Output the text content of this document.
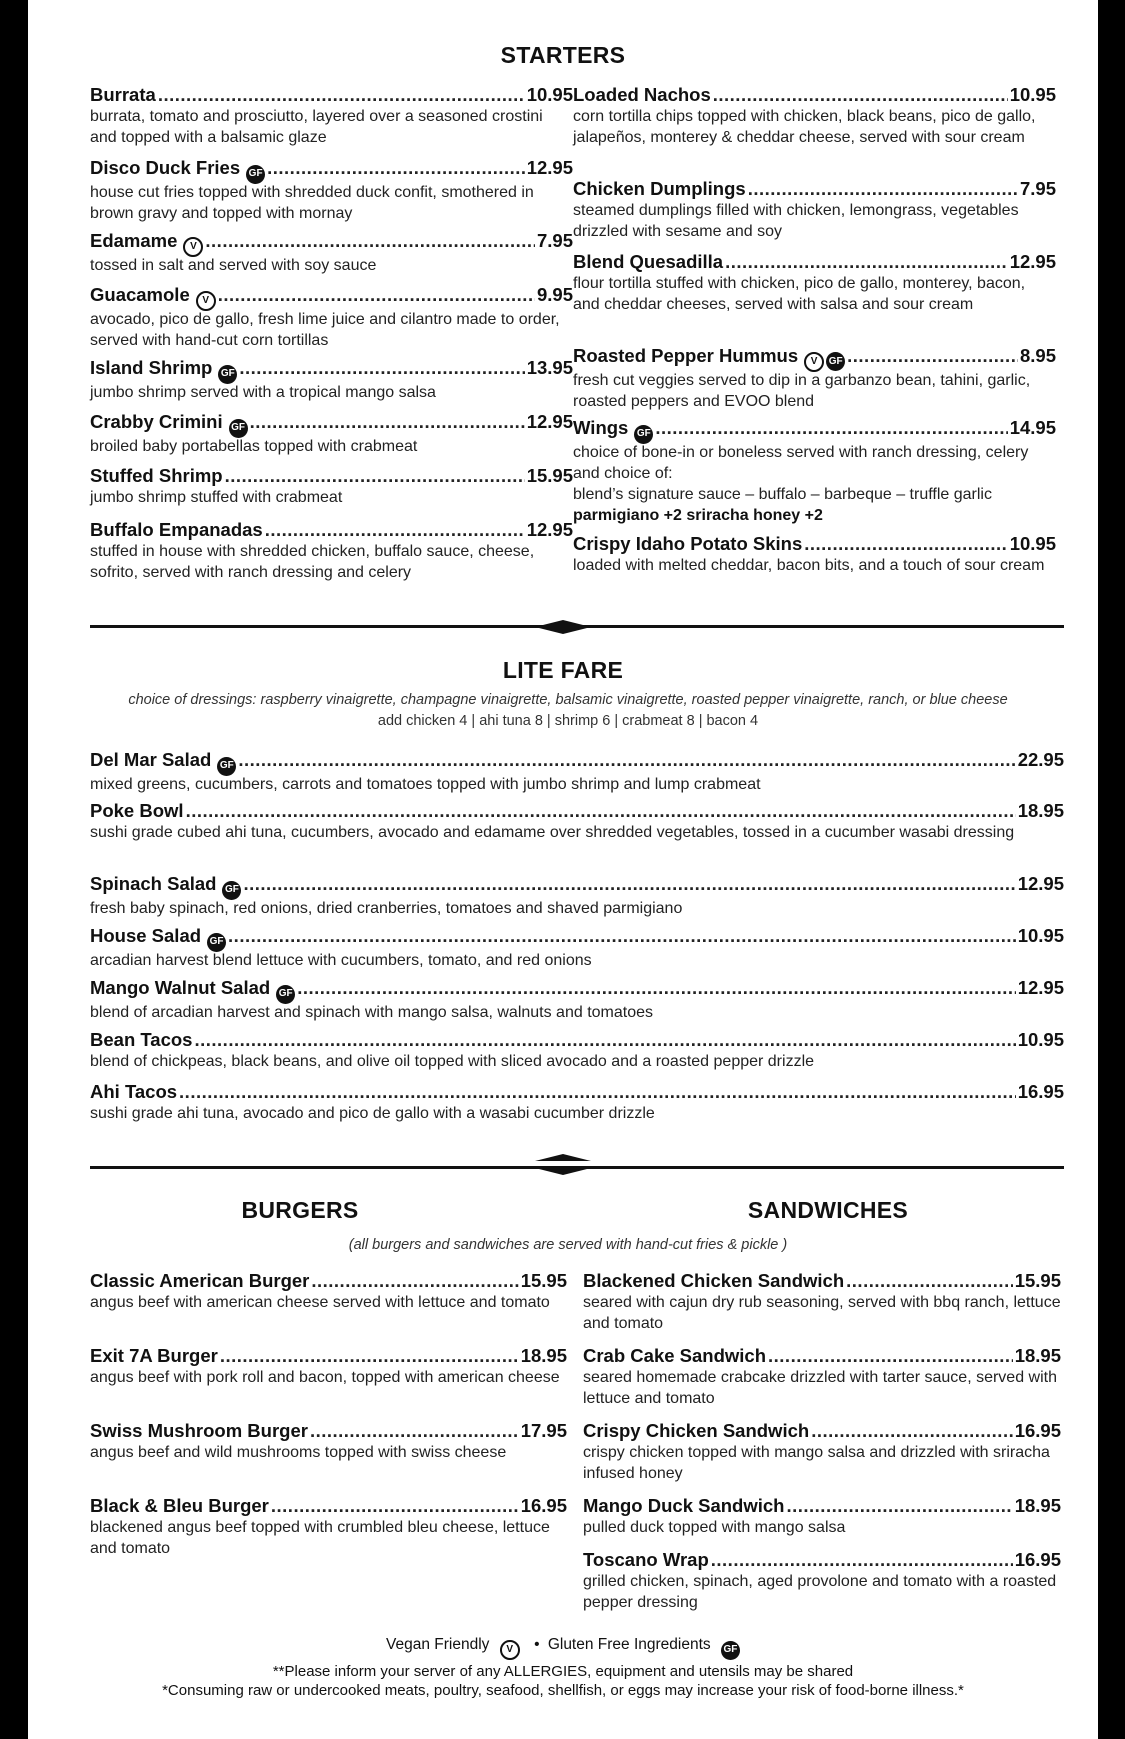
STARTERS
Burrata .....	10.95
burrata, tomato and prosciutto, layered over a seasoned crostini and topped with a balsamic glaze
Disco Duck Fries GF .....	12.95
house cut fries topped with shredded duck confit, smothered in brown gravy and topped with mornay
Edamame	V .....	7.95
tossed in salt and served with soy sauce
Guacamole	V .....	9.95
avocado, pico de gallo, fresh lime juice and cilantro made to order, served with hand-cut corn tortillas
Island Shrimp GF .....	13.95
jumbo shrimp served with a tropical mango salsa
Crabby Crimini GF .....	12.95
broiled baby portabellas topped with crabmeat
Stuffed Shrimp .....	15.95
jumbo shrimp stuffed with crabmeat
Buffalo Empanadas .....	12.95
stuffed in house with shredded chicken, buffalo sauce, cheese, sofrito, served with ranch dressing and celery
Loaded Nachos .....	10.95
corn tortilla chips topped with chicken, black beans, pico de gallo, jalapeños, monterey & cheddar cheese, served with sour cream
Chicken Dumplings .....	7.95
steamed dumplings filled with chicken, lemongrass, vegetables drizzled with sesame and soy
Blend Quesadilla .....	12.95
flour tortilla stuffed with chicken, pico de gallo, monterey, bacon, and cheddar cheeses, served with salsa and sour cream
Roasted Pepper Hummus	V	GF .....	8.95
fresh cut veggies served to dip in a garbanzo bean, tahini, garlic, roasted peppers and EVOO blend
Wings GF .....	14.95
choice of bone-in or boneless served with ranch dressing, celery and choice of:
blend’s signature sauce – buffalo – barbeque – truffle garlic
parmigiano +2 sriracha honey +2
Crispy Idaho Potato Skins .....	10.95
loaded with melted cheddar, bacon bits, and a touch of sour cream
LITE FARE
choice of dressings: raspberry vinaigrette, champagne vinaigrette, balsamic vinaigrette, roasted pepper vinaigrette, ranch, or blue cheese
add chicken 4 | ahi tuna 8 | shrimp 6 | crabmeat 8 | bacon 4
Del Mar Salad GF .....	22.95
mixed greens, cucumbers, carrots and tomatoes topped with jumbo shrimp and lump crabmeat
Poke Bowl .....	18.95
sushi grade cubed ahi tuna, cucumbers, avocado and edamame over shredded vegetables, tossed in a cucumber wasabi dressing
Spinach Salad GF .....	12.95
fresh baby spinach, red onions, dried cranberries, tomatoes and shaved parmigiano
House Salad GF .....	10.95
arcadian harvest blend lettuce with cucumbers, tomato, and red onions
Mango Walnut Salad GF .....	12.95
blend of arcadian harvest and spinach with mango salsa, walnuts and tomatoes
Bean Tacos .....	10.95
blend of chickpeas, black beans, and olive oil topped with sliced avocado and a roasted pepper drizzle
Ahi Tacos .....	16.95
sushi grade ahi tuna, avocado and pico de gallo with a wasabi cucumber drizzle
BURGERS	SANDWICHES
(all burgers and sandwiches are served with hand-cut fries & pickle )
Classic American Burger .....	15.95
angus beef with american cheese served with lettuce and tomato
Exit 7A Burger .....	18.95
angus beef with pork roll and bacon, topped with american cheese
Swiss Mushroom Burger .....	17.95
angus beef and wild mushrooms topped with swiss cheese
Black & Bleu Burger .....	16.95
blackened angus beef topped with crumbled bleu cheese, lettuce and tomato
Blackened Chicken Sandwich .....	15.95
seared with cajun dry rub seasoning, served with bbq ranch, lettuce and tomato
Crab Cake Sandwich .....	18.95
seared homemade crabcake drizzled with tarter sauce, served with lettuce and tomato
Crispy Chicken Sandwich .....	16.95
crispy chicken topped with mango salsa and drizzled with sriracha infused honey
Mango Duck Sandwich .....	18.95
pulled duck topped with mango salsa
Toscano Wrap .....	16.95
grilled chicken, spinach, aged provolone and tomato with a roasted pepper dressing
Vegan Friendly V • Gluten Free Ingredients GF
**Please inform your server of any ALLERGIES, equipment and utensils may be shared
*Consuming raw or undercooked meats, poultry, seafood, shellfish, or eggs may increase your risk of food-borne illness.*
